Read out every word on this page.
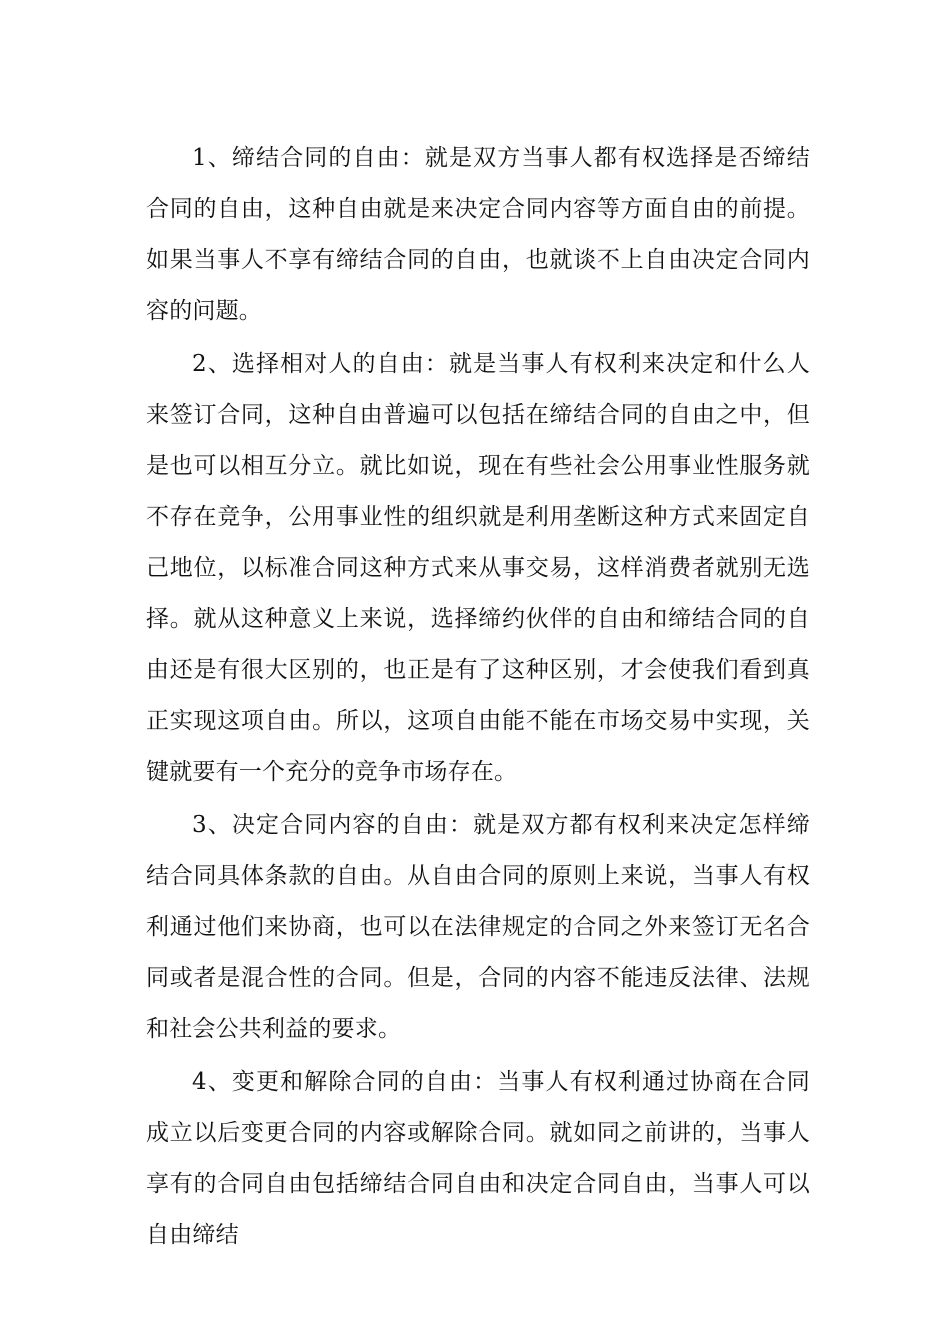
1、缔结合同的自由：就是双方当事人都有权选择是否缔结合同的自由，这种自由就是来决定合同内容等方面自由的前提。如果当事人不享有缔结合同的自由，也就谈不上自由决定合同内容的问题。

2、选择相对人的自由：就是当事人有权利来决定和什么人来签订合同，这种自由普遍可以包括在缔结合同的自由之中，但是也可以相互分立。就比如说，现在有些社会公用事业性服务就不存在竞争，公用事业性的组织就是利用垄断这种方式来固定自己地位，以标准合同这种方式来从事交易，这样消费者就别无选择。就从这种意义上来说，选择缔约伙伴的自由和缔结合同的自由还是有很大区别的，也正是有了这种区别，才会使我们看到真正实现这项自由。所以，这项自由能不能在市场交易中实现，关键就要有一个充分的竞争市场存在。

3、决定合同内容的自由：就是双方都有权利来决定怎样缔结合同具体条款的自由。从自由合同的原则上来说，当事人有权利通过他们来协商，也可以在法律规定的合同之外来签订无名合同或者是混合性的合同。但是，合同的内容不能违反法律、法规和社会公共利益的要求。

4、变更和解除合同的自由：当事人有权利通过协商在合同成立以后变更合同的内容或解除合同。就如同之前讲的，当事人享有的合同自由包括缔结合同自由和决定合同自由，当事人可以自由缔结
